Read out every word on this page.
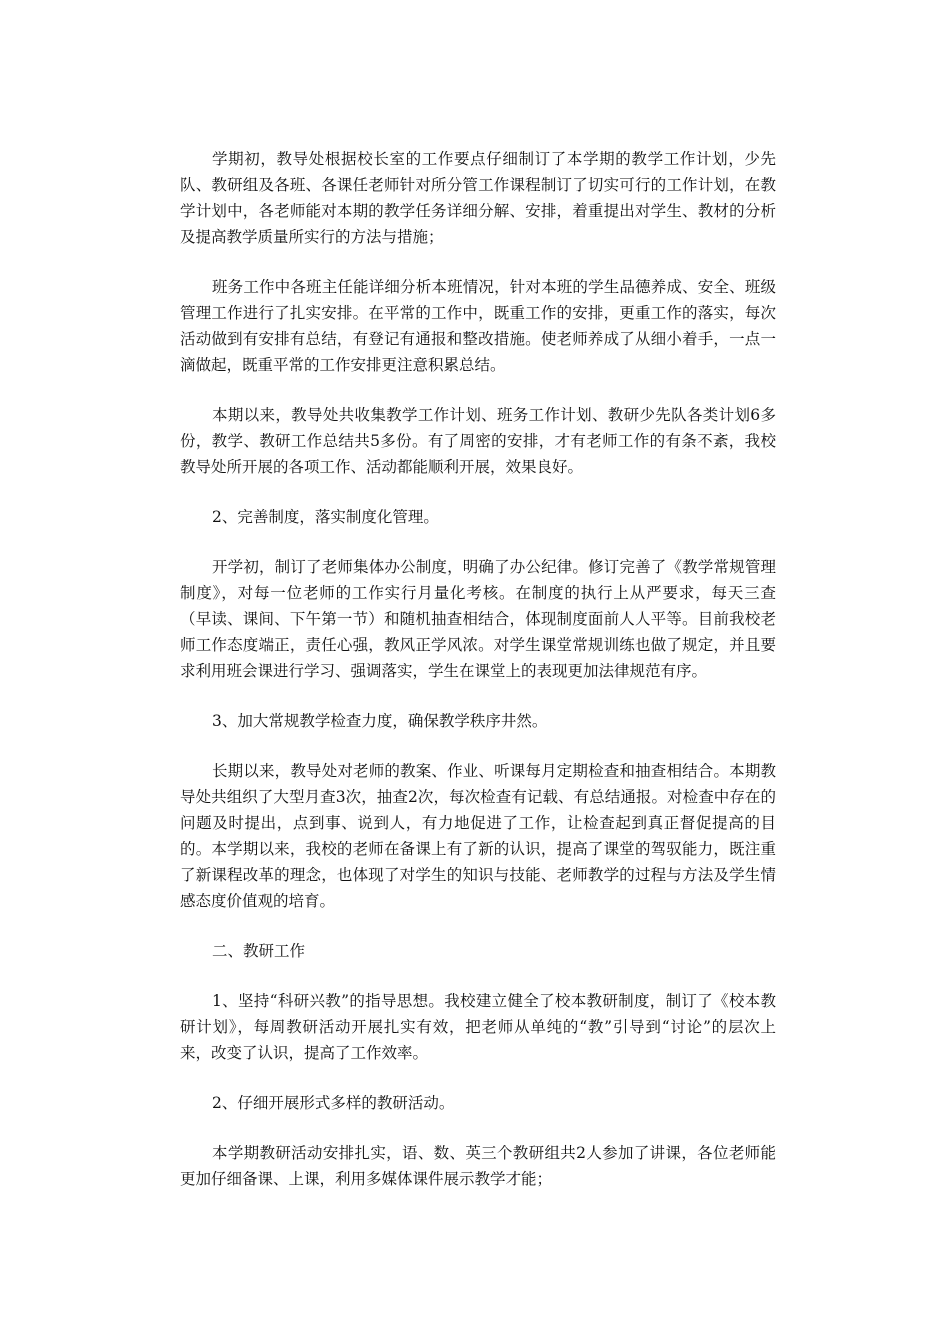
学期初，教导处根据校长室的工作要点仔细制订了本学期的教学工作计划，少先队、教研组及各班、各课任老师针对所分管工作课程制订了切实可行的工作计划，在教学计划中，各老师能对本期的教学任务详细分解、安排，着重提出对学生、教材的分析及提高教学质量所实行的方法与措施；

班务工作中各班主任能详细分析本班情况，针对本班的学生品德养成、安全、班级管理工作进行了扎实安排。在平常的工作中，既重工作的安排，更重工作的落实，每次活动做到有安排有总结，有登记有通报和整改措施。使老师养成了从细小着手，一点一滴做起，既重平常的工作安排更注意积累总结。

本期以来，教导处共收集教学工作计划、班务工作计划、教研少先队各类计划6多份，教学、教研工作总结共5多份。有了周密的安排，才有老师工作的有条不紊，我校教导处所开展的各项工作、活动都能顺利开展，效果良好。

2、完善制度，落实制度化管理。

开学初，制订了老师集体办公制度，明确了办公纪律。修订完善了《教学常规管理制度》，对每一位老师的工作实行月量化考核。在制度的执行上从严要求，每天三查（早读、课间、下午第一节）和随机抽查相结合，体现制度面前人人平等。目前我校老师工作态度端正，责任心强，教风正学风浓。对学生课堂常规训练也做了规定，并且要求利用班会课进行学习、强调落实，学生在课堂上的表现更加法律规范有序。

3、加大常规教学检查力度，确保教学秩序井然。

长期以来，教导处对老师的教案、作业、听课每月定期检查和抽查相结合。本期教导处共组织了大型月查3次，抽查2次，每次检查有记载、有总结通报。对检查中存在的问题及时提出，点到事、说到人，有力地促进了工作，让检查起到真正督促提高的目的。本学期以来，我校的老师在备课上有了新的认识，提高了课堂的驾驭能力，既注重了新课程改革的理念，也体现了对学生的知识与技能、老师教学的过程与方法及学生情感态度价值观的培育。

二、教研工作

1、坚持“科研兴教”的指导思想。我校建立健全了校本教研制度，制订了《校本教研计划》，每周教研活动开展扎实有效，把老师从单纯的“教”引导到“讨论”的层次上来，改变了认识，提高了工作效率。

2、仔细开展形式多样的教研活动。

本学期教研活动安排扎实，语、数、英三个教研组共2人参加了讲课，各位老师能更加仔细备课、上课，利用多媒体课件展示教学才能；
